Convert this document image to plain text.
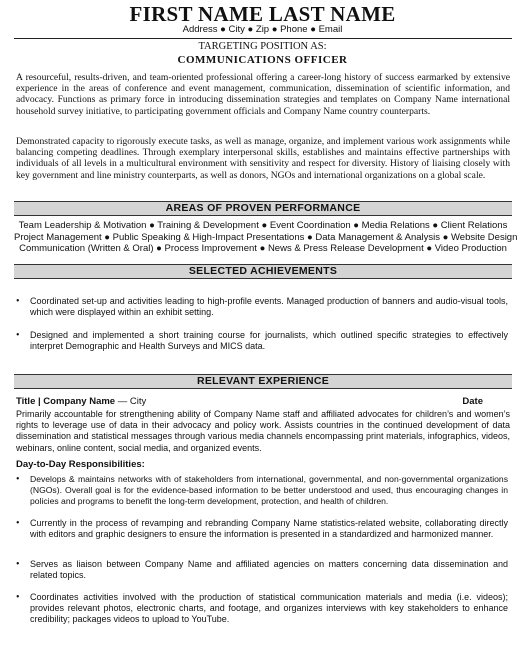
FIRST NAME LAST NAME
Address ● City ● Zip ● Phone ● Email
TARGETING POSITION AS:
COMMUNICATIONS OFFICER

A resourceful, results-driven, and team-oriented professional offering a career-long history of success earmarked by extensive experience in the areas of conference and event management, communication, dissemination of scientific information, and advocacy. Functions as primary force in introducing dissemination strategies and templates on Company Name international household survey initiative, to participating government officials and Company Name country counterparts.

Demonstrated capacity to rigorously execute tasks, as well as manage, organize, and implement various work assignments while balancing competing deadlines. Through exemplary interpersonal skills, establishes and maintains effective partnerships with individuals of all levels in a multicultural environment with sensitivity and respect for diversity. History of liaising closely with key government and line ministry counterparts, as well as donors, NGOs and international organizations on a global scale.

AREAS OF PROVEN PERFORMANCE
Team Leadership & Motivation ● Training & Development ● Event Coordination ● Media Relations ● Client Relations
Project Management ● Public Speaking & High-Impact Presentations ● Data Management & Analysis ● Website Design
Communication (Written & Oral) ● Process Improvement ● News & Press Release Development ● Video Production
SELECTED ACHIEVEMENTS
• Coordinated set-up and activities leading to high-profile events. Managed production of banners and audio-visual tools, which were displayed within an exhibit setting.

• Designed and implemented a short training course for journalists, which outlined specific strategies to effectively interpret Demographic and Health Surveys and MICS data.

RELEVANT EXPERIENCE
Title | Company Name — City	Date

Primarily accountable for strengthening ability of Company Name staff and affiliated advocates for children’s and women’s rights to leverage use of data in their advocacy and policy work. Assists countries in the continued development of data dissemination and statistical messages through various media channels encompassing print materials, infographics, videos, webinars, online content, social media, and organized events.

Day-to-Day Responsibilities:
• Develops & maintains networks with of stakeholders from international, governmental, and non-governmental organizations (NGOs). Overall goal is for the evidence-based information to be better understood and used, thus encouraging changes in policies and programs to benefit the long-term development, protection, and health of children.

• Currently in the process of revamping and rebranding Company Name statistics-related website, collaborating directly with editors and graphic designers to ensure the information is presented in a standardized and harmonized manner.

• Serves as liaison between Company Name and affiliated agencies on matters concerning data dissemination and related topics.

• Coordinates activities involved with the production of statistical communication materials and media (i.e. videos); provides relevant photos, electronic charts, and footage, and organizes interviews with key stakeholders to enhance credibility; packages videos to upload to YouTube.
